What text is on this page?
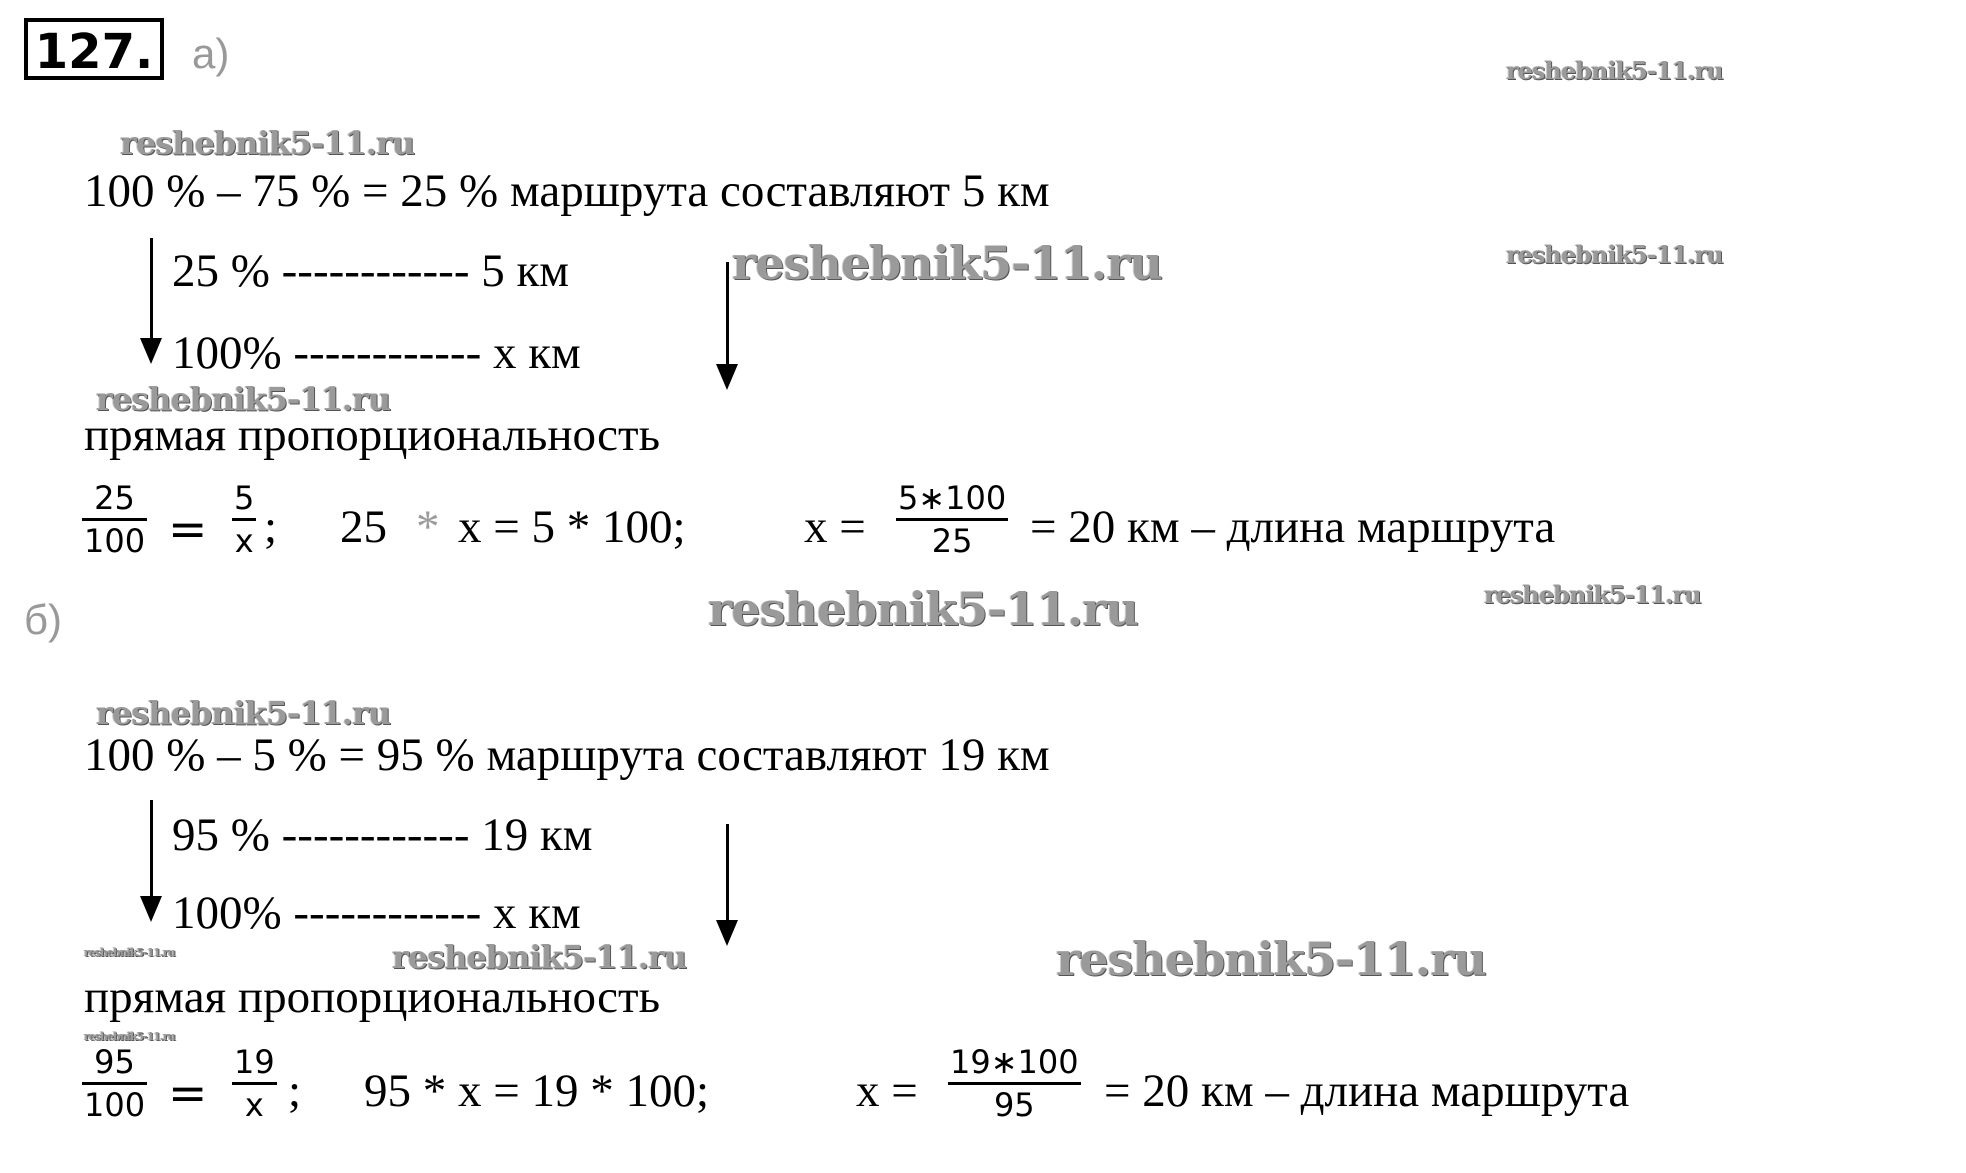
127. а)
100 % – 75 % = 25 % маршрута составляют 5 км
25 % ------------ 5 км
100% ------------ х км
прямая пропорциональность
25
100 =
5
х ; 25 * х = 5 * 100;	х =
5∗100
25 = 20 км – длина маршрута
б)
100 % – 5 % = 95 % маршрута составляют 19 км
95 % ------------ 19 км
100% ------------ х км
прямая пропорциональность
95
100 =
19
х ; 95 * х = 19 * 100;	х =
19∗100
95 = 20 км – длина маршрута
reshebnik5-11.ru
reshebnik5-11.ru
reshebnik5-11.ru	reshebnik5-11.ru
reshebnik5-11.ru
reshebnik5-11.ru	reshebnik5-11.ru
reshebnik5-11.ru
reshebnik5-11.ru	reshebnik5-11.ru	reshebnik5-11.ru
reshebnik5-11.ru
